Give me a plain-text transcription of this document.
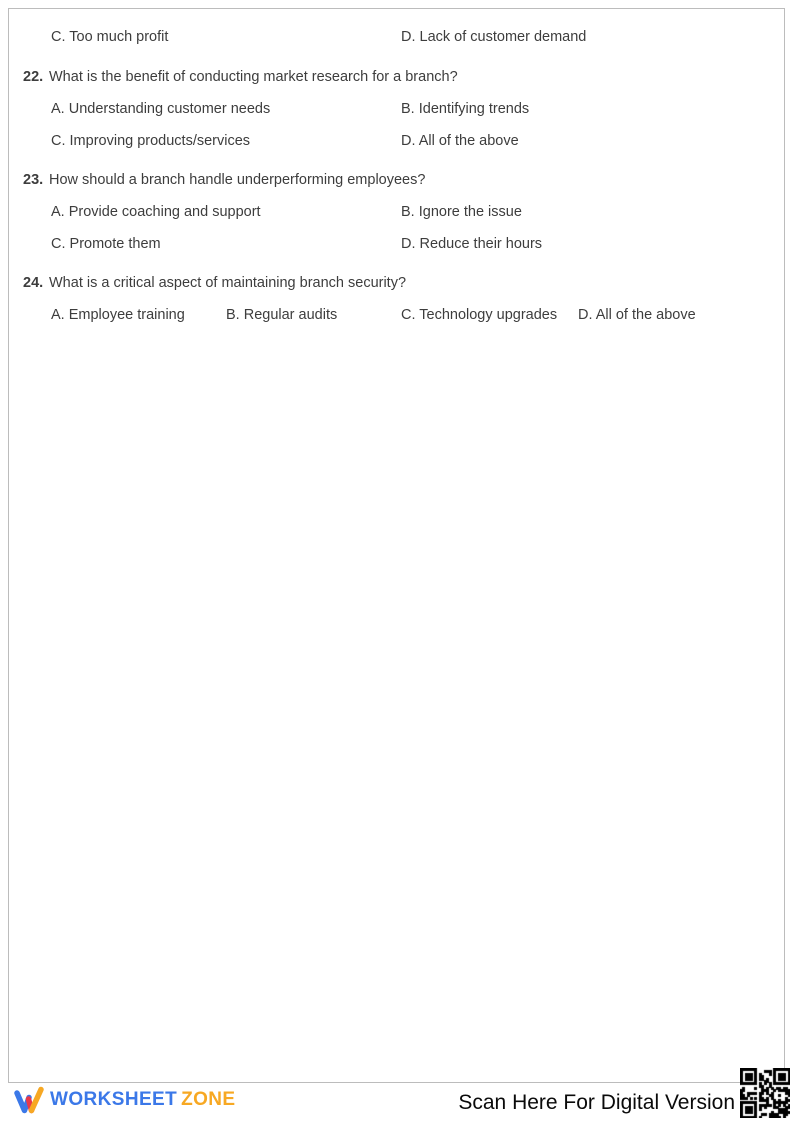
C. Too much profit	D. Lack of customer demand
22. What is the benefit of conducting market research for a branch?
A. Understanding customer needs	B. Identifying trends
C. Improving products/services	D. All of the above
23. How should a branch handle underperforming employees?
A. Provide coaching and support	B. Ignore the issue
C. Promote them	D. Reduce their hours
24. What is a critical aspect of maintaining branch security?
A. Employee training	B. Regular audits	C. Technology upgrades D. All of the above
WORKSHEET ZONE	Scan Here For Digital Version
